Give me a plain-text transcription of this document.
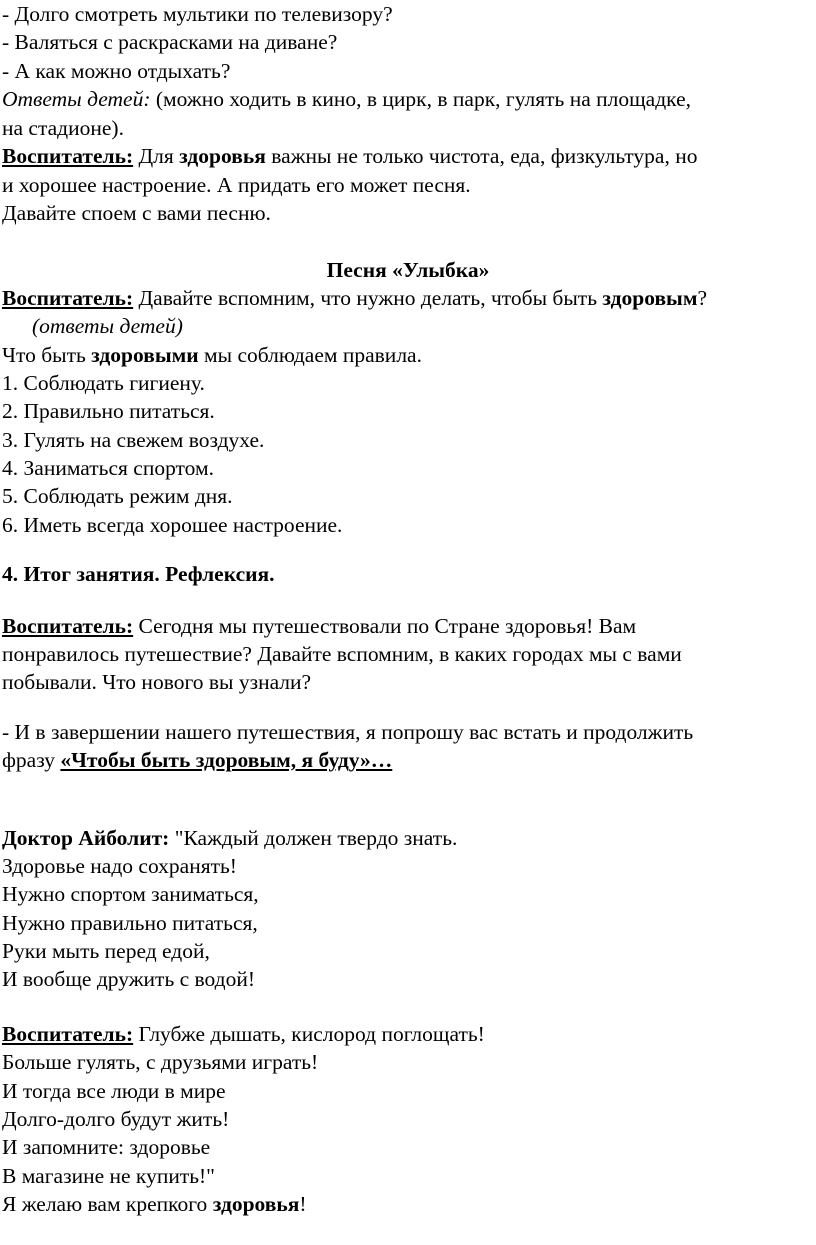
- Долго смотреть мультики по телевизору?
- Валяться с раскрасками на диване?
- А как можно отдыхать?
Ответы детей: (можно ходить в кино, в цирк, в парк, гулять на площадке,
на стадионе).
Воспитатель: Для здоровья важны не только чистота, еда, физкультура, но
и хорошее настроение. А придать его может песня.
Давайте споем с вами песню.
Песня «Улыбка»
Воспитатель: Давайте вспомним, что нужно делать, чтобы быть здоровым?
(ответы детей)
Что быть здоровыми мы соблюдаем правила.
1. Соблюдать гигиену.
2. Правильно питаться.
3. Гулять на свежем воздухе.
4. Заниматься спортом.
5. Соблюдать режим дня.
6. Иметь всегда хорошее настроение.
4. Итог занятия. Рефлексия.
Воспитатель: Сегодня мы путешествовали по Стране здоровья! Вам
понравилось путешествие? Давайте вспомним, в каких городах мы с вами
побывали. Что нового вы узнали?
- И в завершении нашего путешествия, я попрошу вас встать и продолжить
фразу «Чтобы быть здоровым, я буду»…
Доктор Айболит: "Каждый должен твердо знать.
Здоровье надо сохранять!
Нужно спортом заниматься,
Нужно правильно питаться,
Руки мыть перед едой,
И вообще дружить с водой!
Воспитатель: Глубже дышать, кислород поглощать!
Больше гулять, с друзьями играть!
И тогда все люди в мире
Долго-долго будут жить!
И запомните: здоровье
В магазине не купить!"
Я желаю вам крепкого здоровья!
